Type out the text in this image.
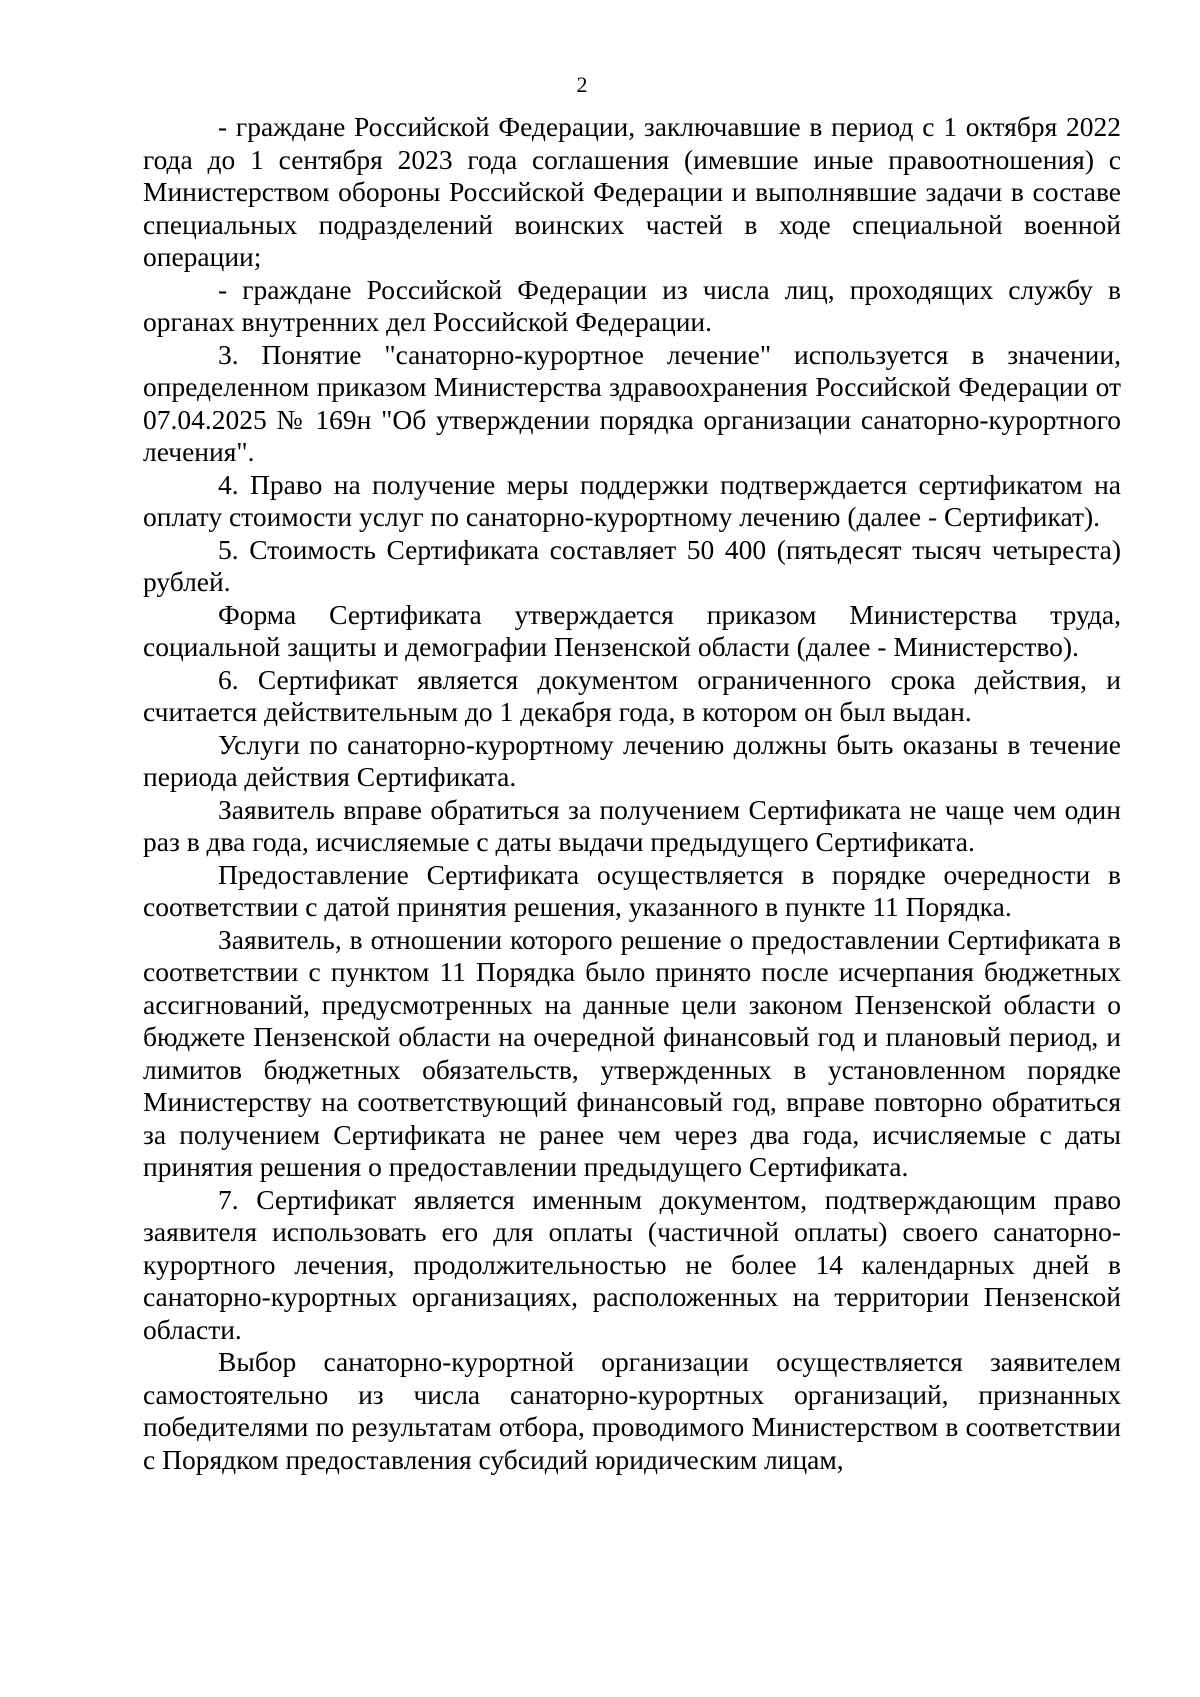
2

- граждане Российской Федерации, заключавшие в период с 1 октября 2022 года до 1 сентября 2023 года соглашения (имевшие иные правоотношения) с Министерством обороны Российской Федерации и выполнявшие задачи в составе специальных подразделений воинских частей в ходе специальной военной операции;

- граждане Российской Федерации из числа лиц, проходящих службу в органах внутренних дел Российской Федерации.

3. Понятие "санаторно-курортное лечение" используется в значении, определенном приказом Министерства здравоохранения Российской Федерации от 07.04.2025 № 169н "Об утверждении порядка организации санаторно-курортного лечения".

4. Право на получение меры поддержки подтверждается сертификатом на оплату стоимости услуг по санаторно-курортному лечению (далее - Сертификат).

5. Стоимость Сертификата составляет 50 400 (пятьдесят тысяч четыреста) рублей.

Форма Сертификата утверждается приказом Министерства труда, социальной защиты и демографии Пензенской области (далее - Министерство).

6. Сертификат является документом ограниченного срока действия, и считается действительным до 1 декабря года, в котором он был выдан.

Услуги по санаторно-курортному лечению должны быть оказаны в течение периода действия Сертификата.

Заявитель вправе обратиться за получением Сертификата не чаще чем один раз в два года, исчисляемые с даты выдачи предыдущего Сертификата.

Предоставление Сертификата осуществляется в порядке очередности в соответствии с датой принятия решения, указанного в пункте 11 Порядка.

Заявитель, в отношении которого решение о предоставлении Сертификата в соответствии с пунктом 11 Порядка было принято после исчерпания бюджетных ассигнований, предусмотренных на данные цели законом Пензенской области о бюджете Пензенской области на очередной финансовый год и плановый период, и лимитов бюджетных обязательств, утвержденных в установленном порядке Министерству на соответствующий финансовый год, вправе повторно обратиться за получением Сертификата не ранее чем через два года, исчисляемые с даты принятия решения о предоставлении предыдущего Сертификата.

7. Сертификат является именным документом, подтверждающим право заявителя использовать его для оплаты (частичной оплаты) своего санаторно-курортного лечения, продолжительностью не более 14 календарных дней в санаторно-курортных организациях, расположенных на территории Пензенской области.

Выбор санаторно-курортной организации осуществляется заявителем самостоятельно из числа санаторно-курортных организаций, признанных победителями по результатам отбора, проводимого Министерством в соответствии с Порядком предоставления субсидий юридическим лицам,
